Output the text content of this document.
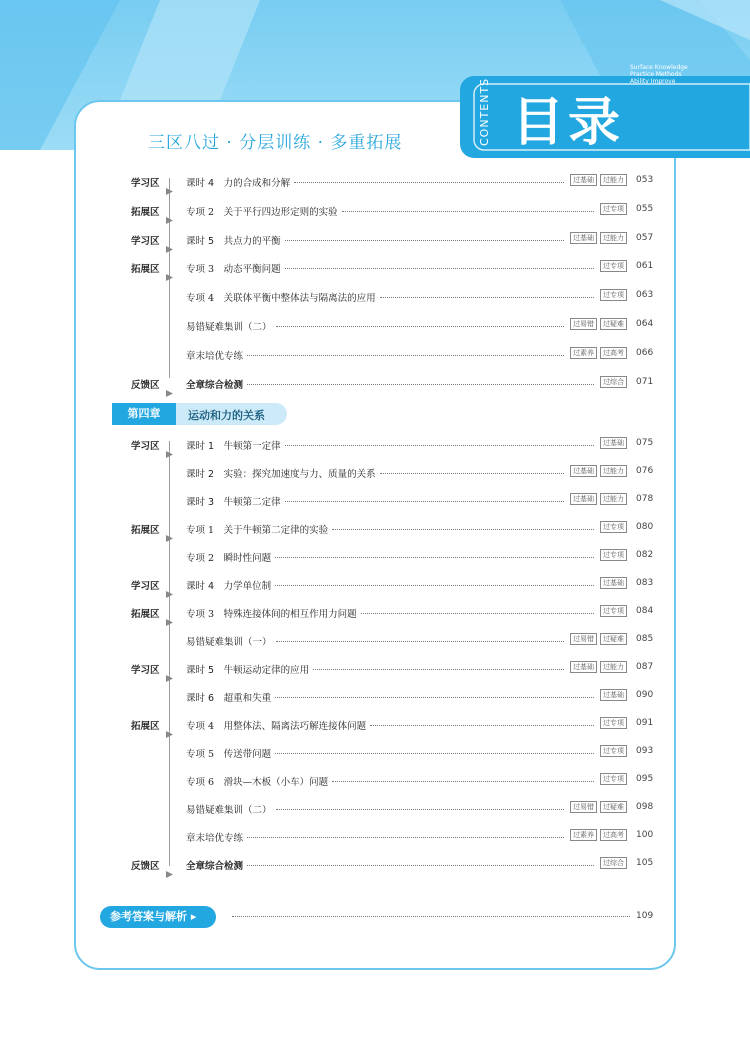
目录
CONTENTS
Surface Knowledge
Practice Methods
Ability Improve
三区八过 · 分层训练 · 多重拓展
学习区	课时 4　力的合成和分解	过基础	过能力	053
拓展区	专项 2　关于平行四边形定则的实验	过专项	055
学习区	课时 5　共点力的平衡	过基础	过能力	057
拓展区	专项 3　动态平衡问题	过专项	061
专项 4　关联体平衡中整体法与隔离法的应用	过专项	063
易错疑难集训（二）	过易错	过疑难	064
章末培优专练	过素养	过高考	066
反馈区	全章综合检测	过综合	071
第四章	运动和力的关系
学习区	课时 1　牛顿第一定律	过基础	075
课时 2　实验：探究加速度与力、质量的关系	过基础	过能力	076
课时 3　牛顿第二定律	过基础	过能力	078
拓展区	专项 1　关于牛顿第二定律的实验	过专项	080
专项 2　瞬时性问题	过专项	082
学习区	课时 4　力学单位制	过基础	083
拓展区	专项 3　特殊连接体间的相互作用力问题	过专项	084
易错疑难集训（一）	过易错	过疑难	085
学习区	课时 5　牛顿运动定律的应用	过基础	过能力	087
课时 6　超重和失重	过基础	090
拓展区	专项 4　用整体法、隔离法巧解连接体问题	过专项	091
专项 5　传送带问题	过专项	093
专项 6　滑块—木板（小车）问题	过专项	095
易错疑难集训（二）	过易错	过疑难	098
章末培优专练	过素养	过高考	100
反馈区	全章综合检测	过综合	105
参考答案与解析 ▸	109
